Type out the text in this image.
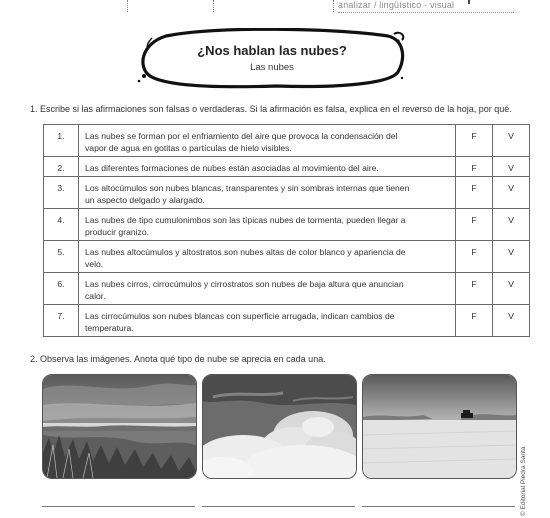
analizar / lingüístico - visual
¿Nos hablan las nubes?
Las nubes
1. Escribe si las afirmaciones son falsas o verdaderas. Si la afirmación es falsa, explica en el reverso de la hoja, por qué.
1.	Las nubes se forman por el enfriamiento del aire que provoca la condensación del
vapor de agua en gotitas o partículas de hielo visibles.	F	V
2.	Las diferentes formaciones de nubes están asociadas al movimiento del aire.	F	V
3.	Los altocúmulos son nubes blancas, transparentes y sin sombras internas que tienen
un aspecto delgado y alargado.	F	V
4.	Las nubes de tipo cumulonimbos son las típicas nubes de tormenta, pueden llegar a
producir granizo.	F	V
5.	Las nubes altocúmulos y altostratos son nubes altas de color blanco y apariencia de
velo.	F	V
6.	Las nubes cirros, cirrocúmulos y cirrostratos son nubes de baja altura que anuncian
calor.	F	V
7.	Las cirrocúmulos son nubes blancas con superficie arrugada, indican cambios de
temperatura.	F	V
2. Observa las imágenes. Anota qué tipo de nube se aprecia en cada una.
© Editorial Piedra Santa
